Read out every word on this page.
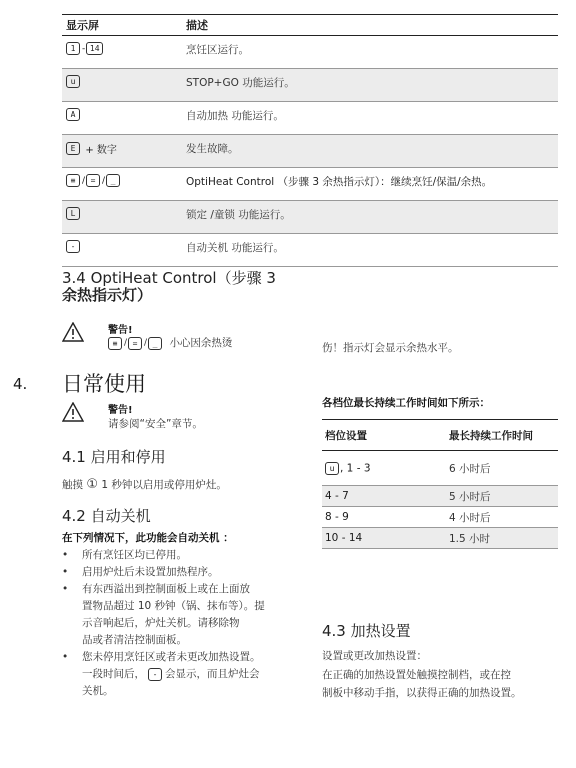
显示屏	描述
1 - 14	烹饪区运行。
u	STOP+GO 功能运行。
A	自动加热 功能运行。
E + 数字	发生故障。
≡ / = / _	OptiHeat Control （步骤 3 余热指示灯）：继续烹饪/保温/余热。
L	锁定 /童锁 功能运行。
-	自动关机 功能运行。
3.4 OptiHeat Control（步骤 3
余热指示灯）
警告!
≡ / = / _ 小心因余热烫	伤！指示灯会显示余热水平。
4. 日常使用
警告!
请参阅“安全”章节。
4.1 启用和停用
触摸 ① 1 秒钟以启用或停用炉灶。
4.2 自动关机
在下列情况下，此功能会自动关机 ：
• 所有烹饪区均已停用。
• 启用炉灶后未设置加热程序。
• 有东西溢出到控制面板上或在上面放
置物品超过 10 秒钟（锅、抹布等）。提
示音响起后，炉灶关机。请移除物
品或者清洁控制面板。
• 您未停用烹饪区或者未更改加热设置。
一段时间后， - 会显示，而且炉灶会
关机。
各档位最长持续工作时间如下所示：
档位设置	最长持续工作时间
u , 1 - 3	6 小时后
4 - 7	5 小时后
8 - 9	4 小时后
10 - 14	1.5 小时
4.3 加热设置
设置或更改加热设置：
在正确的加热设置处触摸控制档，或在控
制板中移动手指，以获得正确的加热设置。
